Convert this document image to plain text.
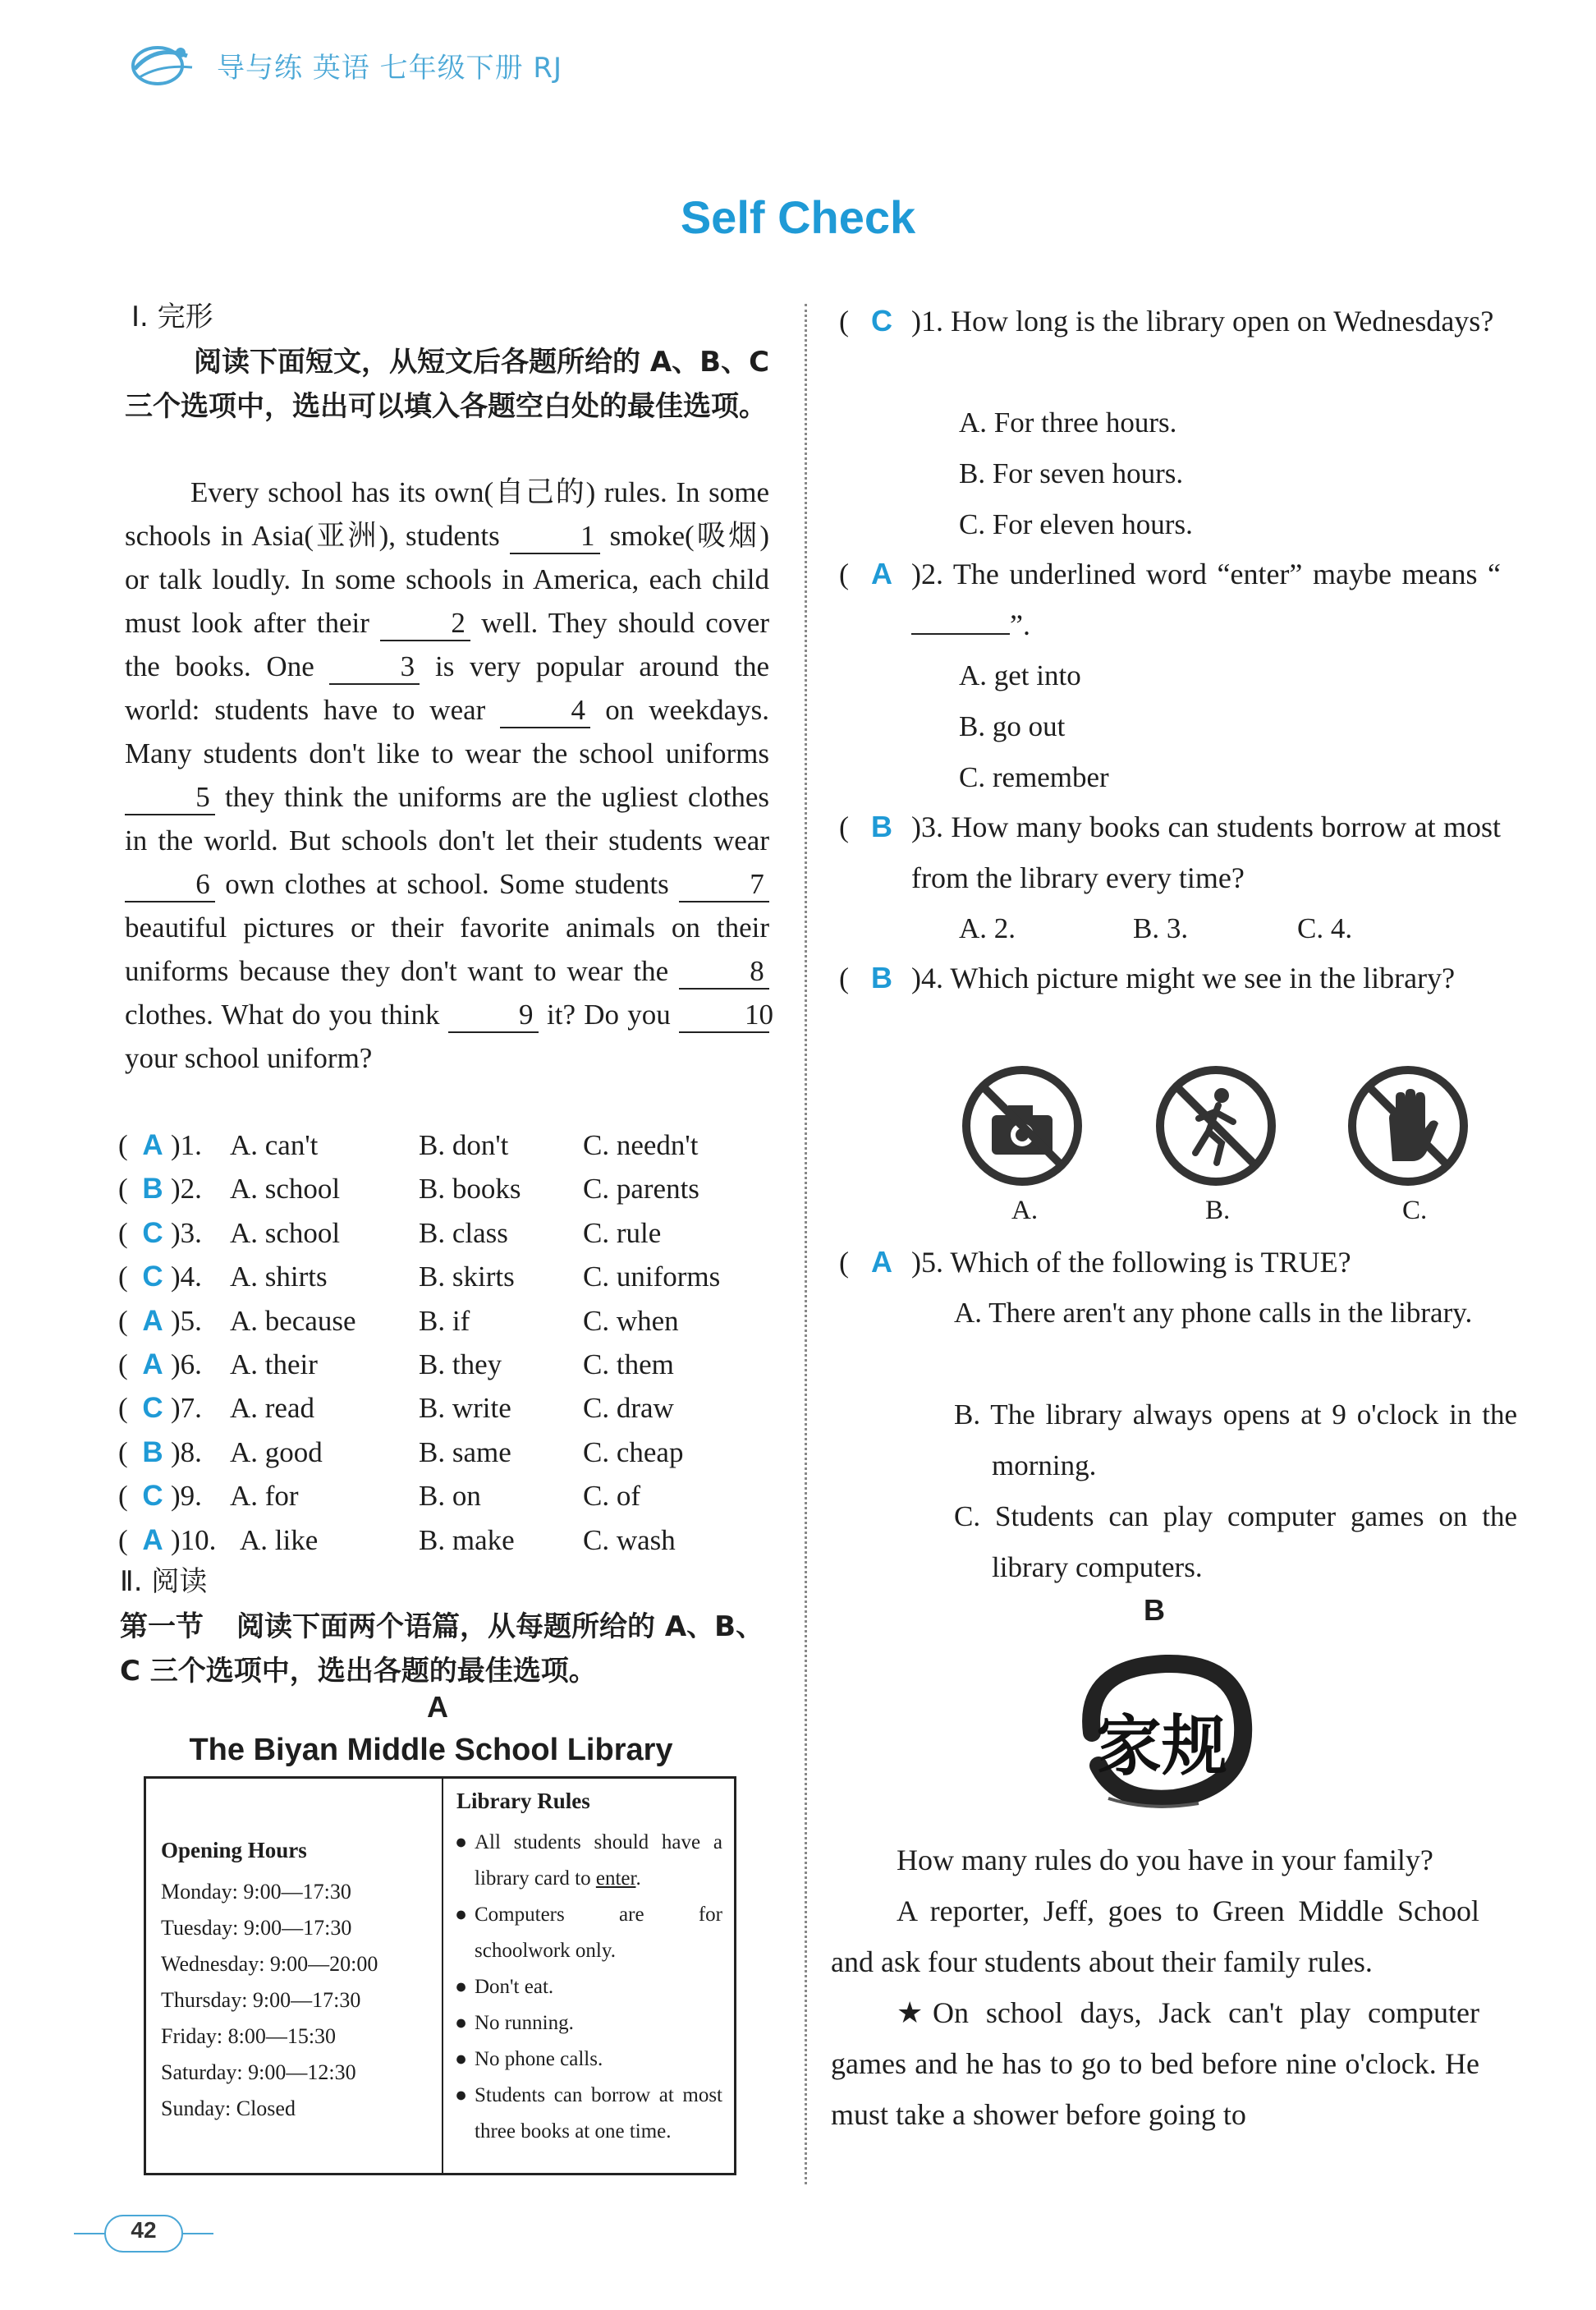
导与练 英语 七年级下册 RJ
Self Check
Ⅰ. 完形
阅读下面短文，从短文后各题所给的 A、B、C 三个选项中，选出可以填入各题空白处的最佳选项。
Every school has its own(自己的) rules. In some schools in Asia(亚洲), students 1 smoke(吸烟) or talk loudly. In some schools in America, each child must look after their 2 well. They should cover the books. One 3 is very popular around the world: students have to wear 4 on weekdays. Many students don't like to wear the school uniforms 5 they think the uniforms are the ugliest clothes in the world. But schools don't let their students wear 6 own clothes at school. Some students 7 beautiful pictures or their favorite animals on their uniforms because they don't want to wear the 8 clothes. What do you think 9 it? Do you 10 your school uniform?
( A )1. A. can't	B. don't	C. needn't
( B )2. A. school	B. books C. parents
( C )3. A. school	B. class	C. rule
( C )4. A. shirts	B. skirts C. uniforms
( A )5. A. because B. if	C. when
( A )6. A. their	B. they	C. them
( C )7. A. read	B. write C. draw
( B )8. A. good	B. same C. cheap
( C )9. A. for	B. on	C. of
( A )10. A. like	B. make C. wash
Ⅱ. 阅读
第一节 阅读下面两个语篇，从每题所给的 A、B、C 三个选项中，选出各题的最佳选项。
A
The Biyan Middle School Library
Opening Hours
Monday: 9:00—17:30
Tuesday: 9:00—17:30
Wednesday: 9:00—20:00
Thursday: 9:00—17:30
Friday: 8:00—15:30
Saturday: 9:00—12:30
Sunday: Closed
Library Rules
● All students should have a library card to enter.
● Computers are for schoolwork only.
● Don't eat.
● No running.
● No phone calls.
● Students can borrow at most three books at one time.
( C )1. How long is the library open on Wednesdays?
( A )2. The underlined word “enter” maybe means “”.
( B )3. How many books can students borrow at most from the library every time?
( B )4. Which picture might we see in the library?
( A )5. Which of the following is TRUE?
A. For three hours.
B. For seven hours.
C. For eleven hours.
A. get into
B. go out
C. remember
A. 2.	B. 3.	C. 4.
A. There aren't any phone calls in the library.
B. The library always opens at 9 o'clock in the morning.
C. Students can play computer games on the library computers.
A.	B.	C.
B
家规
How many rules do you have in your family?
A reporter, Jeff, goes to Green Middle School and ask four students about their family rules.
★On school days, Jack can't play computer games and he has to go to bed before nine o'clock. He must take a shower before going to
42
